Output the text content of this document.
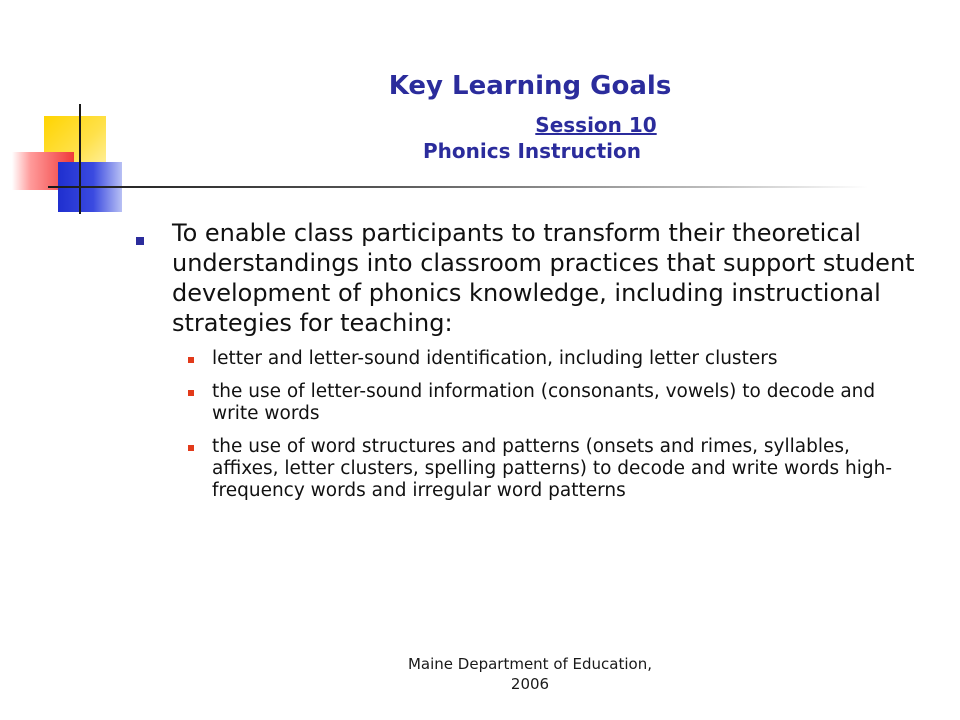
Key Learning Goals
Session 10
Phonics Instruction
To enable class participants to transform their theoretical understandings into classroom practices that support student development of phonics knowledge, including instructional strategies for teaching:
letter and letter-sound identification, including letter clusters
the use of letter-sound information (consonants, vowels) to decode and write words
the use of word structures and patterns (onsets and rimes, syllables, affixes, letter clusters, spelling patterns) to decode and write words high-frequency words and irregular word patterns
Maine Department of Education,
2006
